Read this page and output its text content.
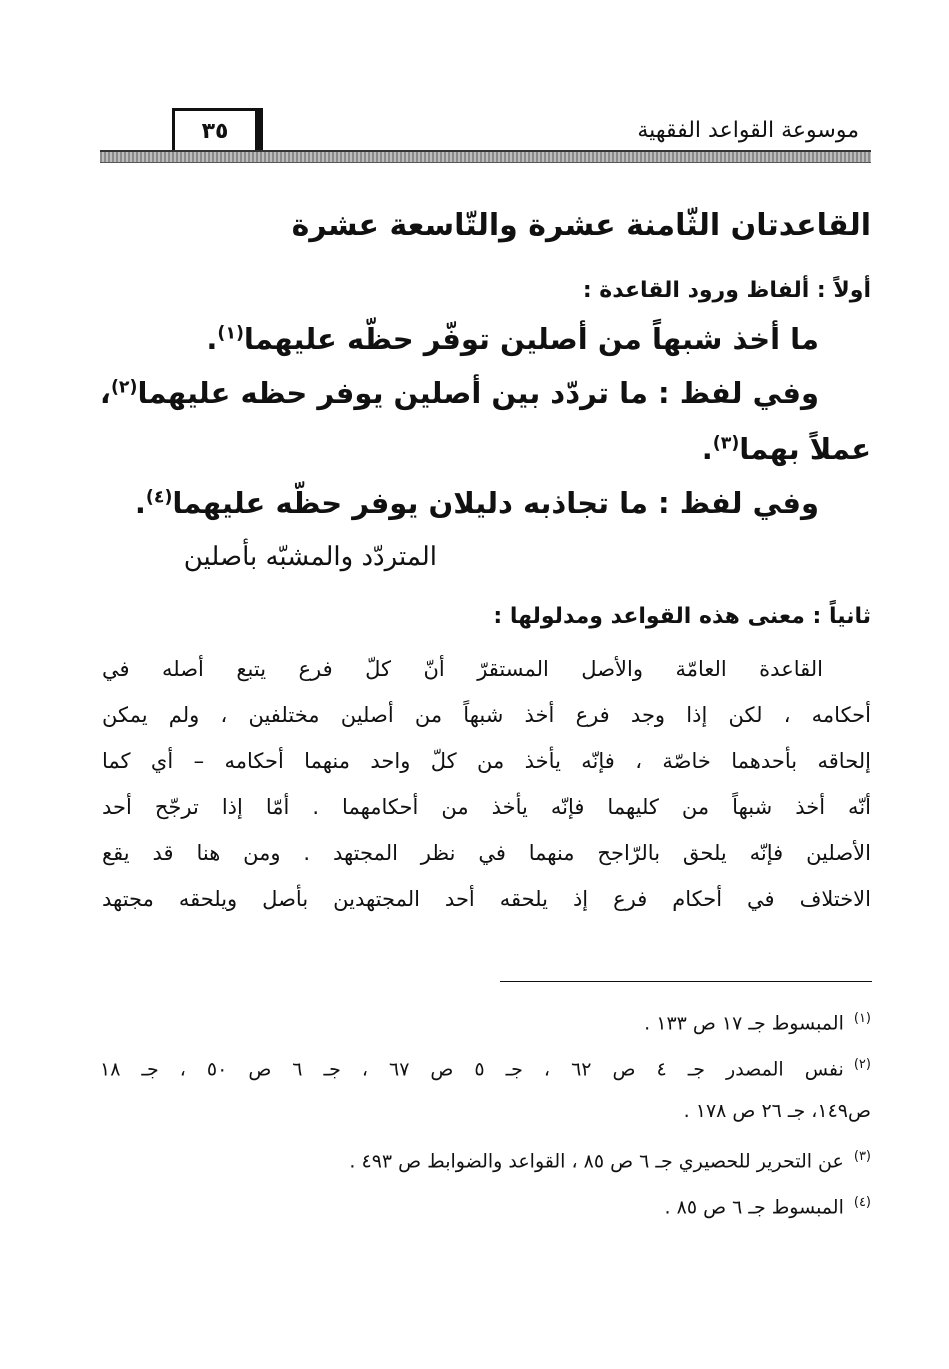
موسوعة القواعد الفقهية
٣٥
القاعدتان الثّامنة عشرة والتّاسعة عشرة
أولاً : ألفاظ ورود القاعدة :
ما أخذ شبهاً من أصلين توفّر حظّه عليهما$^{(١)}$.
وفي لفظ : ما تردّد بين أصلين يوفر حظه عليهما$^{(٢)}$،
عملاً بهما$^{(٣)}$.
وفي لفظ : ما تجاذبه دليلان يوفر حظّه عليهما$^{(٤)}$.
المتردّد والمشبّه بأصلين
ثانياً : معنى هذه القواعد ومدلولها :
القاعدة العامّة والأصل المستقرّ أنّ كلّ فرع يتبع أصله في
أحكامه ، لكن إذا وجد فرع أخذ شبهاً من أصلين مختلفين ، ولم يمكن
إلحاقه بأحدهما خاصّة ، فإنّه يأخذ من كلّ واحد منهما أحكامه – أي كما
أنّه أخذ شبهاً من كليهما فإنّه يأخذ من أحكامهما . أمّا إذا ترجّح أحد
الأصلين فإنّه يلحق بالرّاجح منهما في نظر المجتهد . ومن هنا قد يقع
الاختلاف في أحكام فرع إذ يلحقه أحد المجتهدين بأصل ويلحقه مجتهد
$^{(١)}$المبسوط جـ ١٧ ص ١٣٣ .
$^{(٢)}$نفس المصدر جـ ٤ ص ٦٢ ، جـ ٥ ص ٦٧ ، جـ ٦ ص ٥٠ ، جـ ١٨
ص١٤٩، جـ ٢٦ ص ١٧٨ .
$^{(٣)}$عن التحرير للحصيري جـ ٦ ص ٨٥ ، القواعد والضوابط ص ٤٩٣ .
$^{(٤)}$المبسوط جـ ٦ ص ٨٥ .
